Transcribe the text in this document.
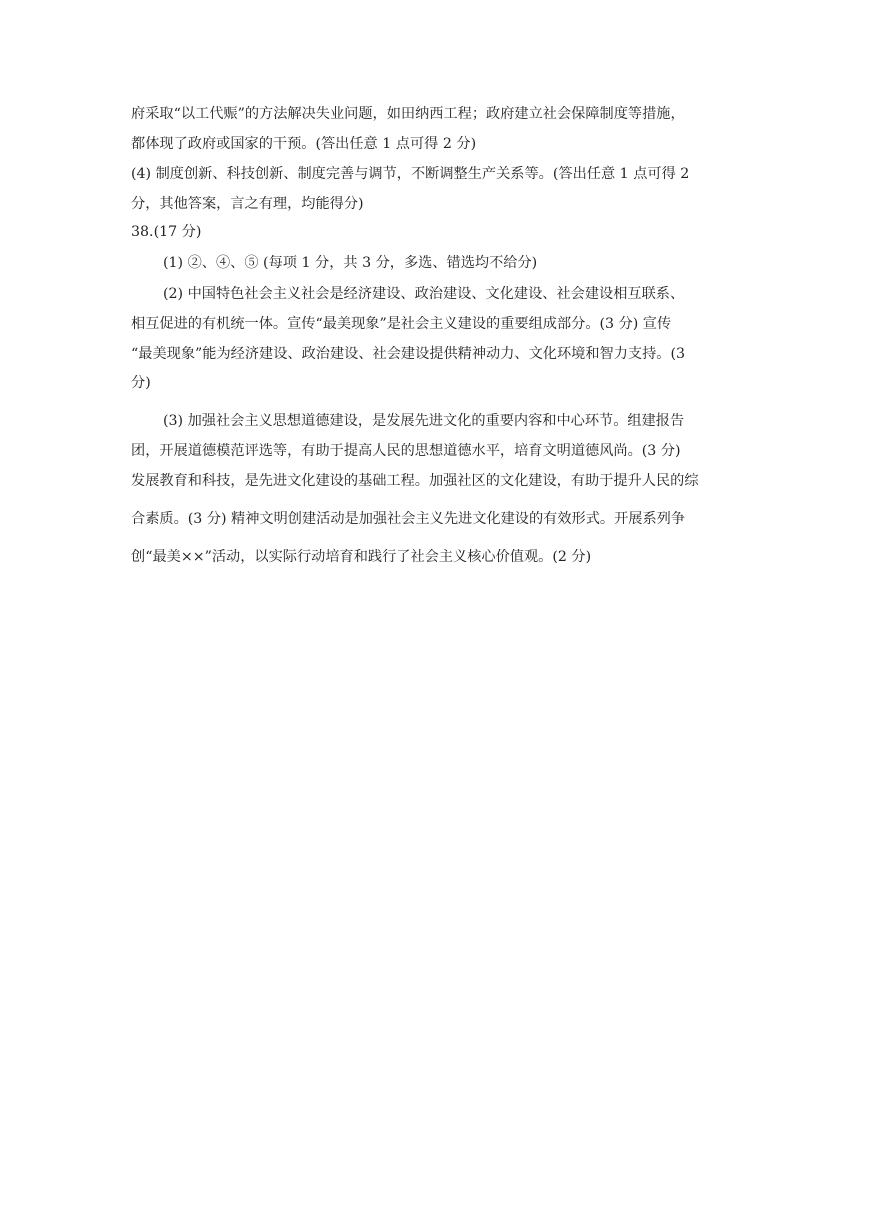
府采取“以工代赈”的方法解决失业问题，如田纳西工程；政府建立社会保障制度等措施，
都体现了政府或国家的干预。(答出任意 1 点可得 2 分)
(4) 制度创新、科技创新、制度完善与调节，不断调整生产关系等。(答出任意 1 点可得 2
分，其他答案，言之有理，均能得分)
38.(17 分)
(1) ②、④、⑤ (每项 1 分，共 3 分，多选、错选均不给分)
(2) 中国特色社会主义社会是经济建设、政治建设、文化建设、社会建设相互联系、
相互促进的有机统一体。宣传“最美现象”是社会主义建设的重要组成部分。(3 分) 宣传
“最美现象”能为经济建设、政治建设、社会建设提供精神动力、文化环境和智力支持。(3
分)
(3) 加强社会主义思想道德建设，是发展先进文化的重要内容和中心环节。组建报告
团，开展道德模范评选等，有助于提高人民的思想道德水平，培育文明道德风尚。(3 分)
发展教育和科技，是先进文化建设的基础工程。加强社区的文化建设，有助于提升人民的综
合素质。(3 分) 精神文明创建活动是加强社会主义先进文化建设的有效形式。开展系列争
创“最美××”活动，以实际行动培育和践行了社会主义核心价值观。(2 分)
